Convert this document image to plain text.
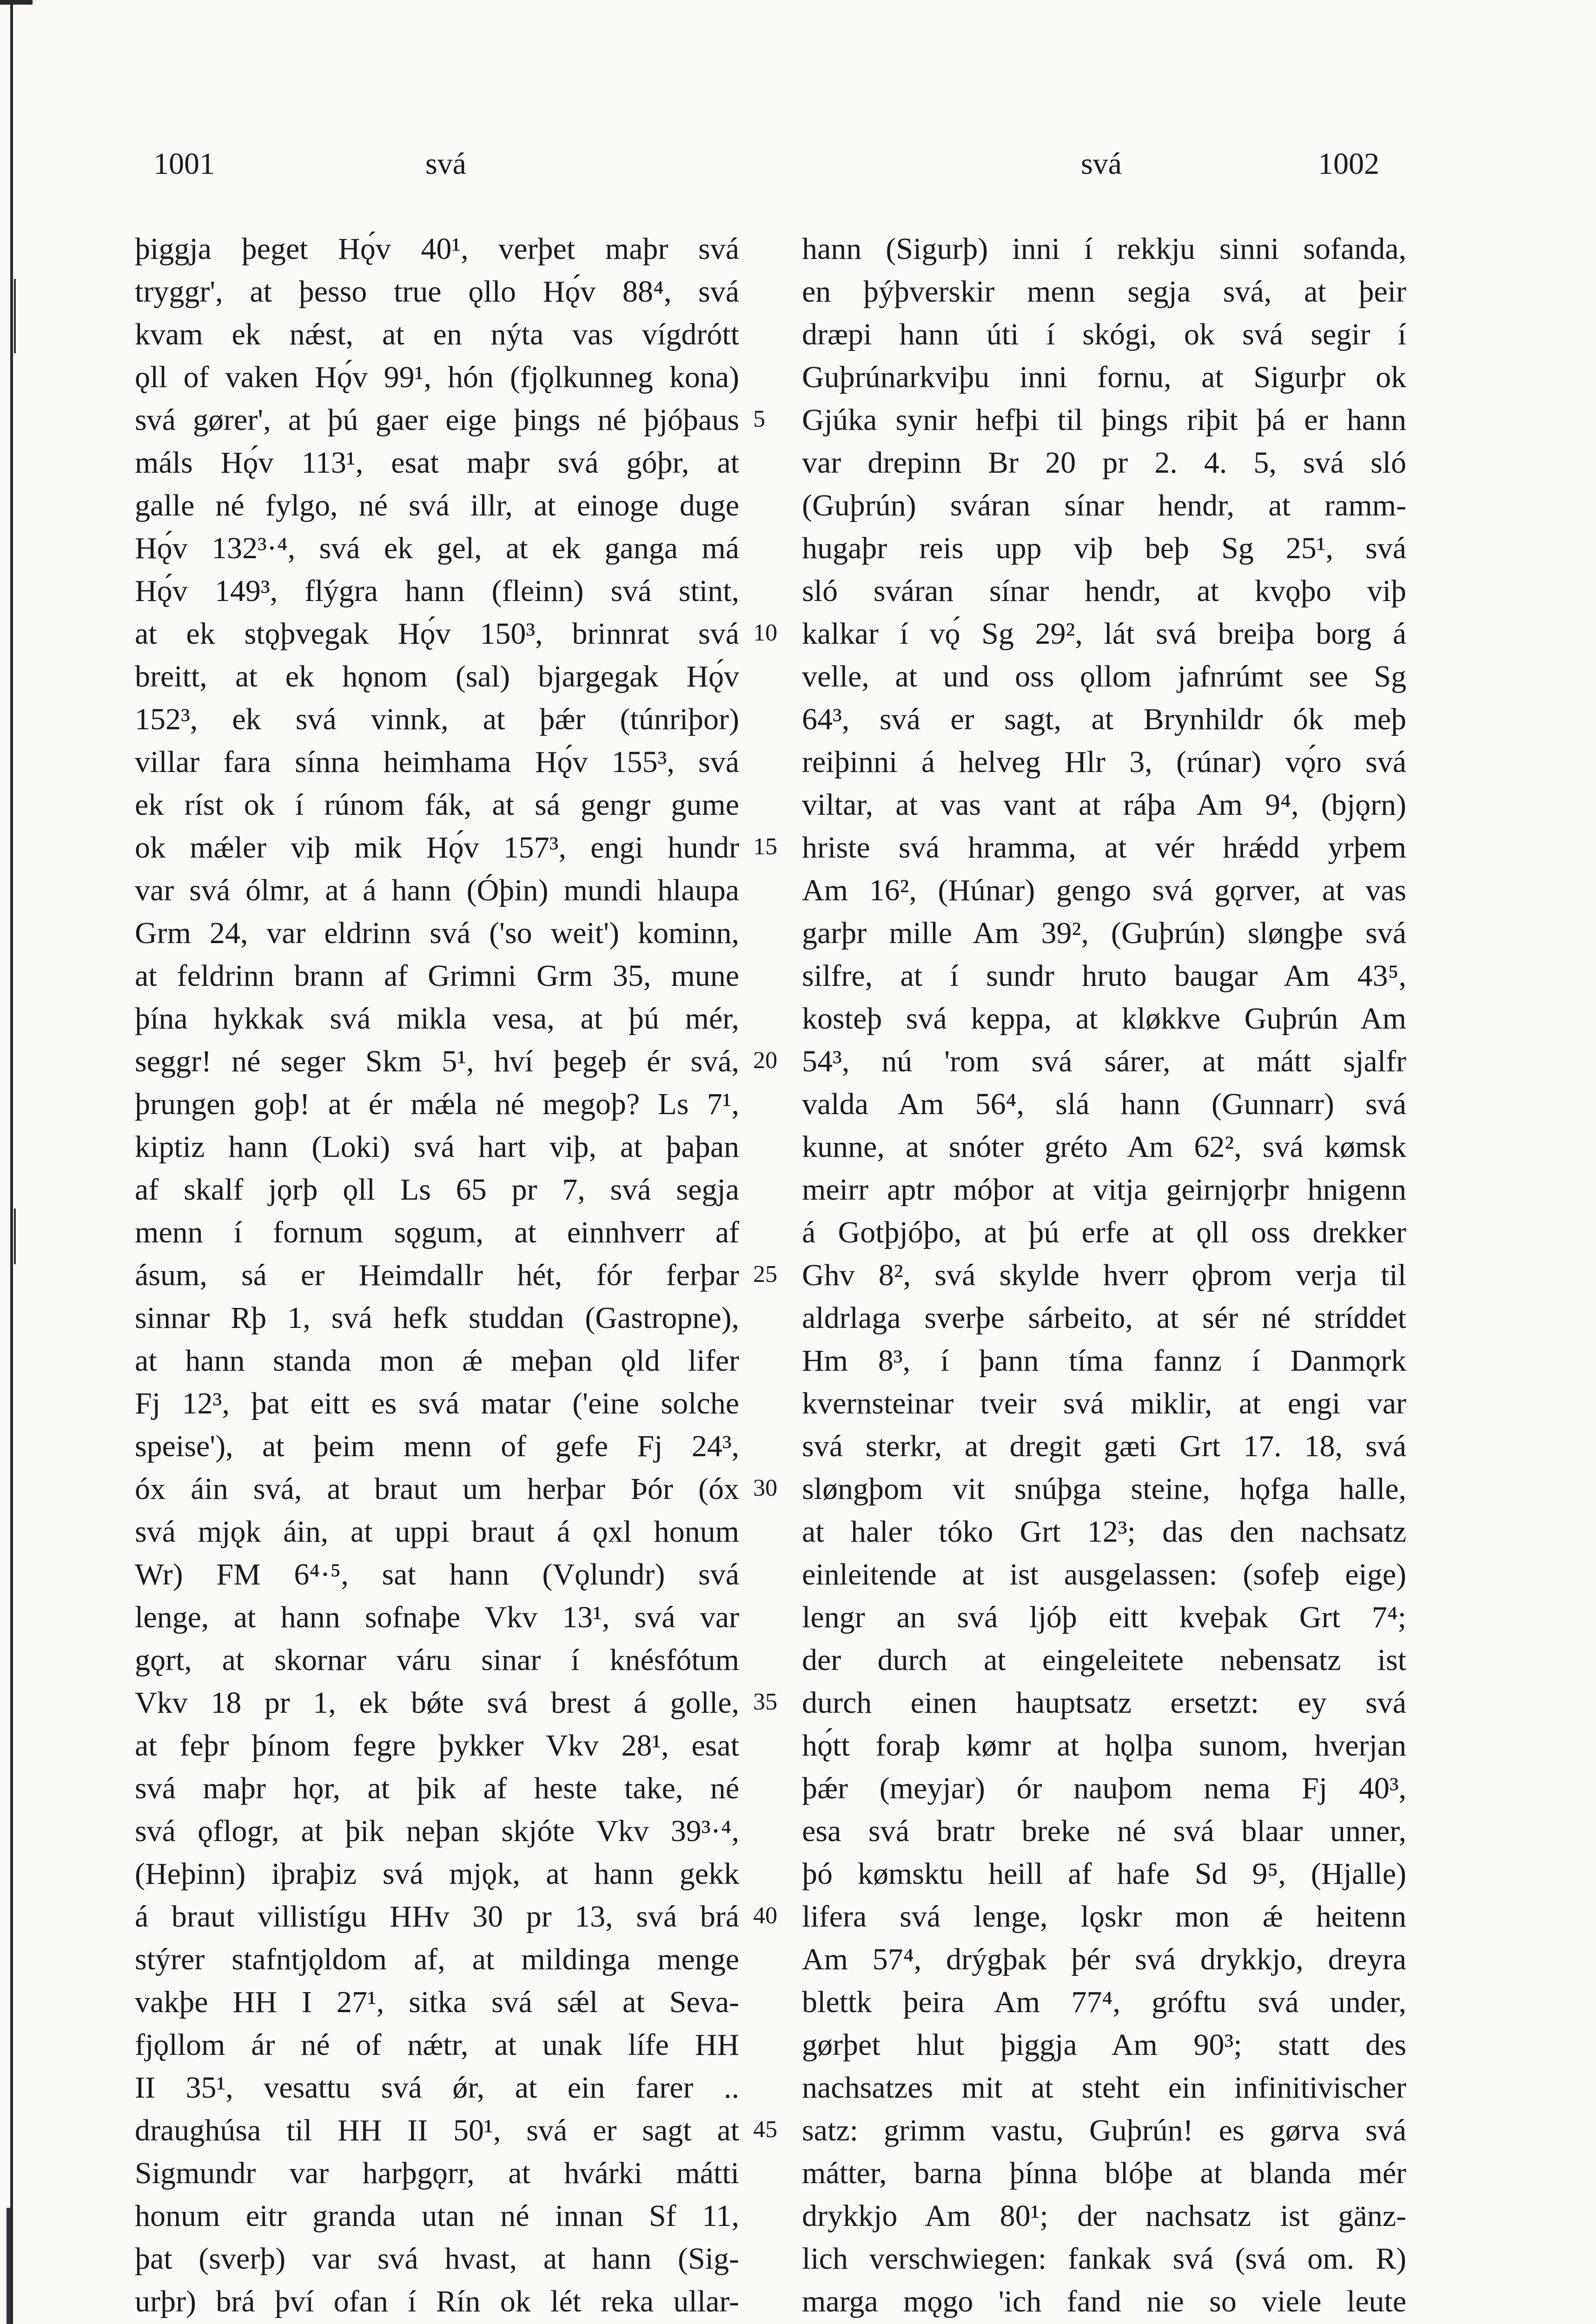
1001	svá	svá	1002
þiggja þeget Hǫ́v 40¹, verþet maþr svá
tryggr', at þesso true ǫllo Hǫ́v 88⁴, svá
kvam ek nǽst, at en nýta vas vígdrótt
ǫll of vaken Hǫ́v 99¹, hón (fjǫlkunneg kona)
svá gører', at þú gaer eige þings né þjóþaus
máls Hǫ́v 113¹, esat maþr svá góþr, at
galle né fylgo, né svá illr, at einoge duge
Hǫ́v 132³·⁴, svá ek gel, at ek ganga má
Hǫ́v 149³, flýgra hann (fleinn) svá stint,
at ek stǫþvegak Hǫ́v 150³, brinnrat svá
breitt, at ek hǫnom (sal) bjargegak Hǫ́v
152³, ek svá vinnk, at þǽr (túnriþor)
villar fara sínna heimhama Hǫ́v 155³, svá
ek ríst ok í rúnom fák, at sá gengr gume
ok mǽler viþ mik Hǫ́v 157³, engi hundr
var svá ólmr, at á hann (Óþin) mundi hlaupa
Grm 24, var eldrinn svá ('so weit') kominn,
at feldrinn brann af Grimni Grm 35, mune
þína hykkak svá mikla vesa, at þú mér,
seggr! né seger Skm 5¹, hví þegeþ ér svá,
þrungen goþ! at ér mǽla né megoþ? Ls 7¹,
kiptiz hann (Loki) svá hart viþ, at þaþan
af skalf jǫrþ ǫll Ls 65 pr 7, svá segja
menn í fornum sǫgum, at einnhverr af
ásum, sá er Heimdallr hét, fór ferþar
sinnar Rþ 1, svá hefk studdan (Gastropne),
at hann standa mon ǽ meþan ǫld lifer
Fj 12³, þat eitt es svá matar ('eine solche
speise'), at þeim menn of gefe Fj 24³,
óx áin svá, at braut um herþar Þór (óx
svá mjǫk áin, at uppi braut á ǫxl honum
Wr) FM 6⁴·⁵, sat hann (Vǫlundr) svá
lenge, at hann sofnaþe Vkv 13¹, svá var
gǫrt, at skornar váru sinar í knésfótum
Vkv 18 pr 1, ek bǿte svá brest á golle,
at feþr þínom fegre þykker Vkv 28¹, esat
svá maþr hǫr, at þik af heste take, né
svá ǫflogr, at þik neþan skjóte Vkv 39³·⁴,
(Heþinn) iþraþiz svá mjǫk, at hann gekk
á braut villistígu HHv 30 pr 13, svá brá
stýrer stafntjǫldom af, at mildinga menge
vakþe HH I 27¹, sitka svá sǽl at Seva-
fjǫllom ár né of nǽtr, at unak lífe HH
II 35¹, vesattu svá ǿr, at ein farer ..
draughúsa til HH II 50¹, svá er sagt at
Sigmundr var harþgǫrr, at hvárki mátti
honum eitr granda utan né innan Sf 11,
þat (sverþ) var svá hvast, at hann (Sig-
urþr) brá því ofan í Rín ok lét reka ullar-
hann (Sigurþ) inni í rekkju sinni sofanda,
en þýþverskir menn segja svá, at þeir
dræpi hann úti í skógi, ok svá segir í
Guþrúnarkviþu inni fornu, at Sigurþr ok
Gjúka synir hefþi til þings riþit þá er hann
var drepinn Br 20 pr 2. 4. 5, svá sló
(Guþrún) sváran sínar hendr, at ramm-
hugaþr reis upp viþ beþ Sg 25¹, svá
sló sváran sínar hendr, at kvǫþo viþ
kalkar í vǫ́ Sg 29², lát svá breiþa borg á
velle, at und oss ǫllom jafnrúmt see Sg
64³, svá er sagt, at Brynhildr ók meþ
reiþinni á helveg Hlr 3, (rúnar) vǫ́ro svá
viltar, at vas vant at ráþa Am 9⁴, (bjǫrn)
hriste svá hramma, at vér hrǽdd yrþem
Am 16², (Húnar) gengo svá gǫrver, at vas
garþr mille Am 39², (Guþrún) sløngþe svá
silfre, at í sundr hruto baugar Am 43⁵,
kosteþ svá keppa, at kløkkve Guþrún Am
54³, nú 'rom svá sárer, at mátt sjalfr
valda Am 56⁴, slá hann (Gunnarr) svá
kunne, at snóter gréto Am 62², svá kømsk
meirr aptr móþor at vitja geirnjǫrþr hnigenn
á Gotþjóþo, at þú erfe at ǫll oss drekker
Ghv 8², svá skylde hverr ǫþrom verja til
aldrlaga sverþe sárbeito, at sér né stríddet
Hm 8³, í þann tíma fannz í Danmǫrk
kvernsteinar tveir svá miklir, at engi var
svá sterkr, at dregit gæti Grt 17. 18, svá
sløngþom vit snúþga steine, hǫfga halle,
at haler tóko Grt 12³; das den nachsatz
einleitende at ist ausgelassen: (sofeþ eige)
lengr an svá ljóþ eitt kveþak Grt 7⁴;
der durch at eingeleitete nebensatz ist
durch einen hauptsatz ersetzt: ey svá
hǫ́tt foraþ kømr at hǫlþa sunom, hverjan
þǽr (meyjar) ór nauþom nema Fj 40³,
esa svá bratr breke né svá blaar unner,
þó kømsktu heill af hafe Sd 9⁵, (Hjalle)
lifera svá lenge, lǫskr mon ǽ heitenn
Am 57⁴, drýgþak þér svá drykkjo, dreyra
blettk þeira Am 77⁴, gróftu svá under,
gørþet hlut þiggja Am 90³; statt des
nachsatzes mit at steht ein infinitivischer
satz: grimm vastu, Guþrún! es gørva svá
mátter, barna þínna blóþe at blanda mér
drykkjo Am 80¹; der nachsatz ist gänz-
lich verschwiegen: fankak svá (svá om. R)
marga mǫgo 'ich fand nie so viele leute
5
10
15
20
25
30
35
40
45
